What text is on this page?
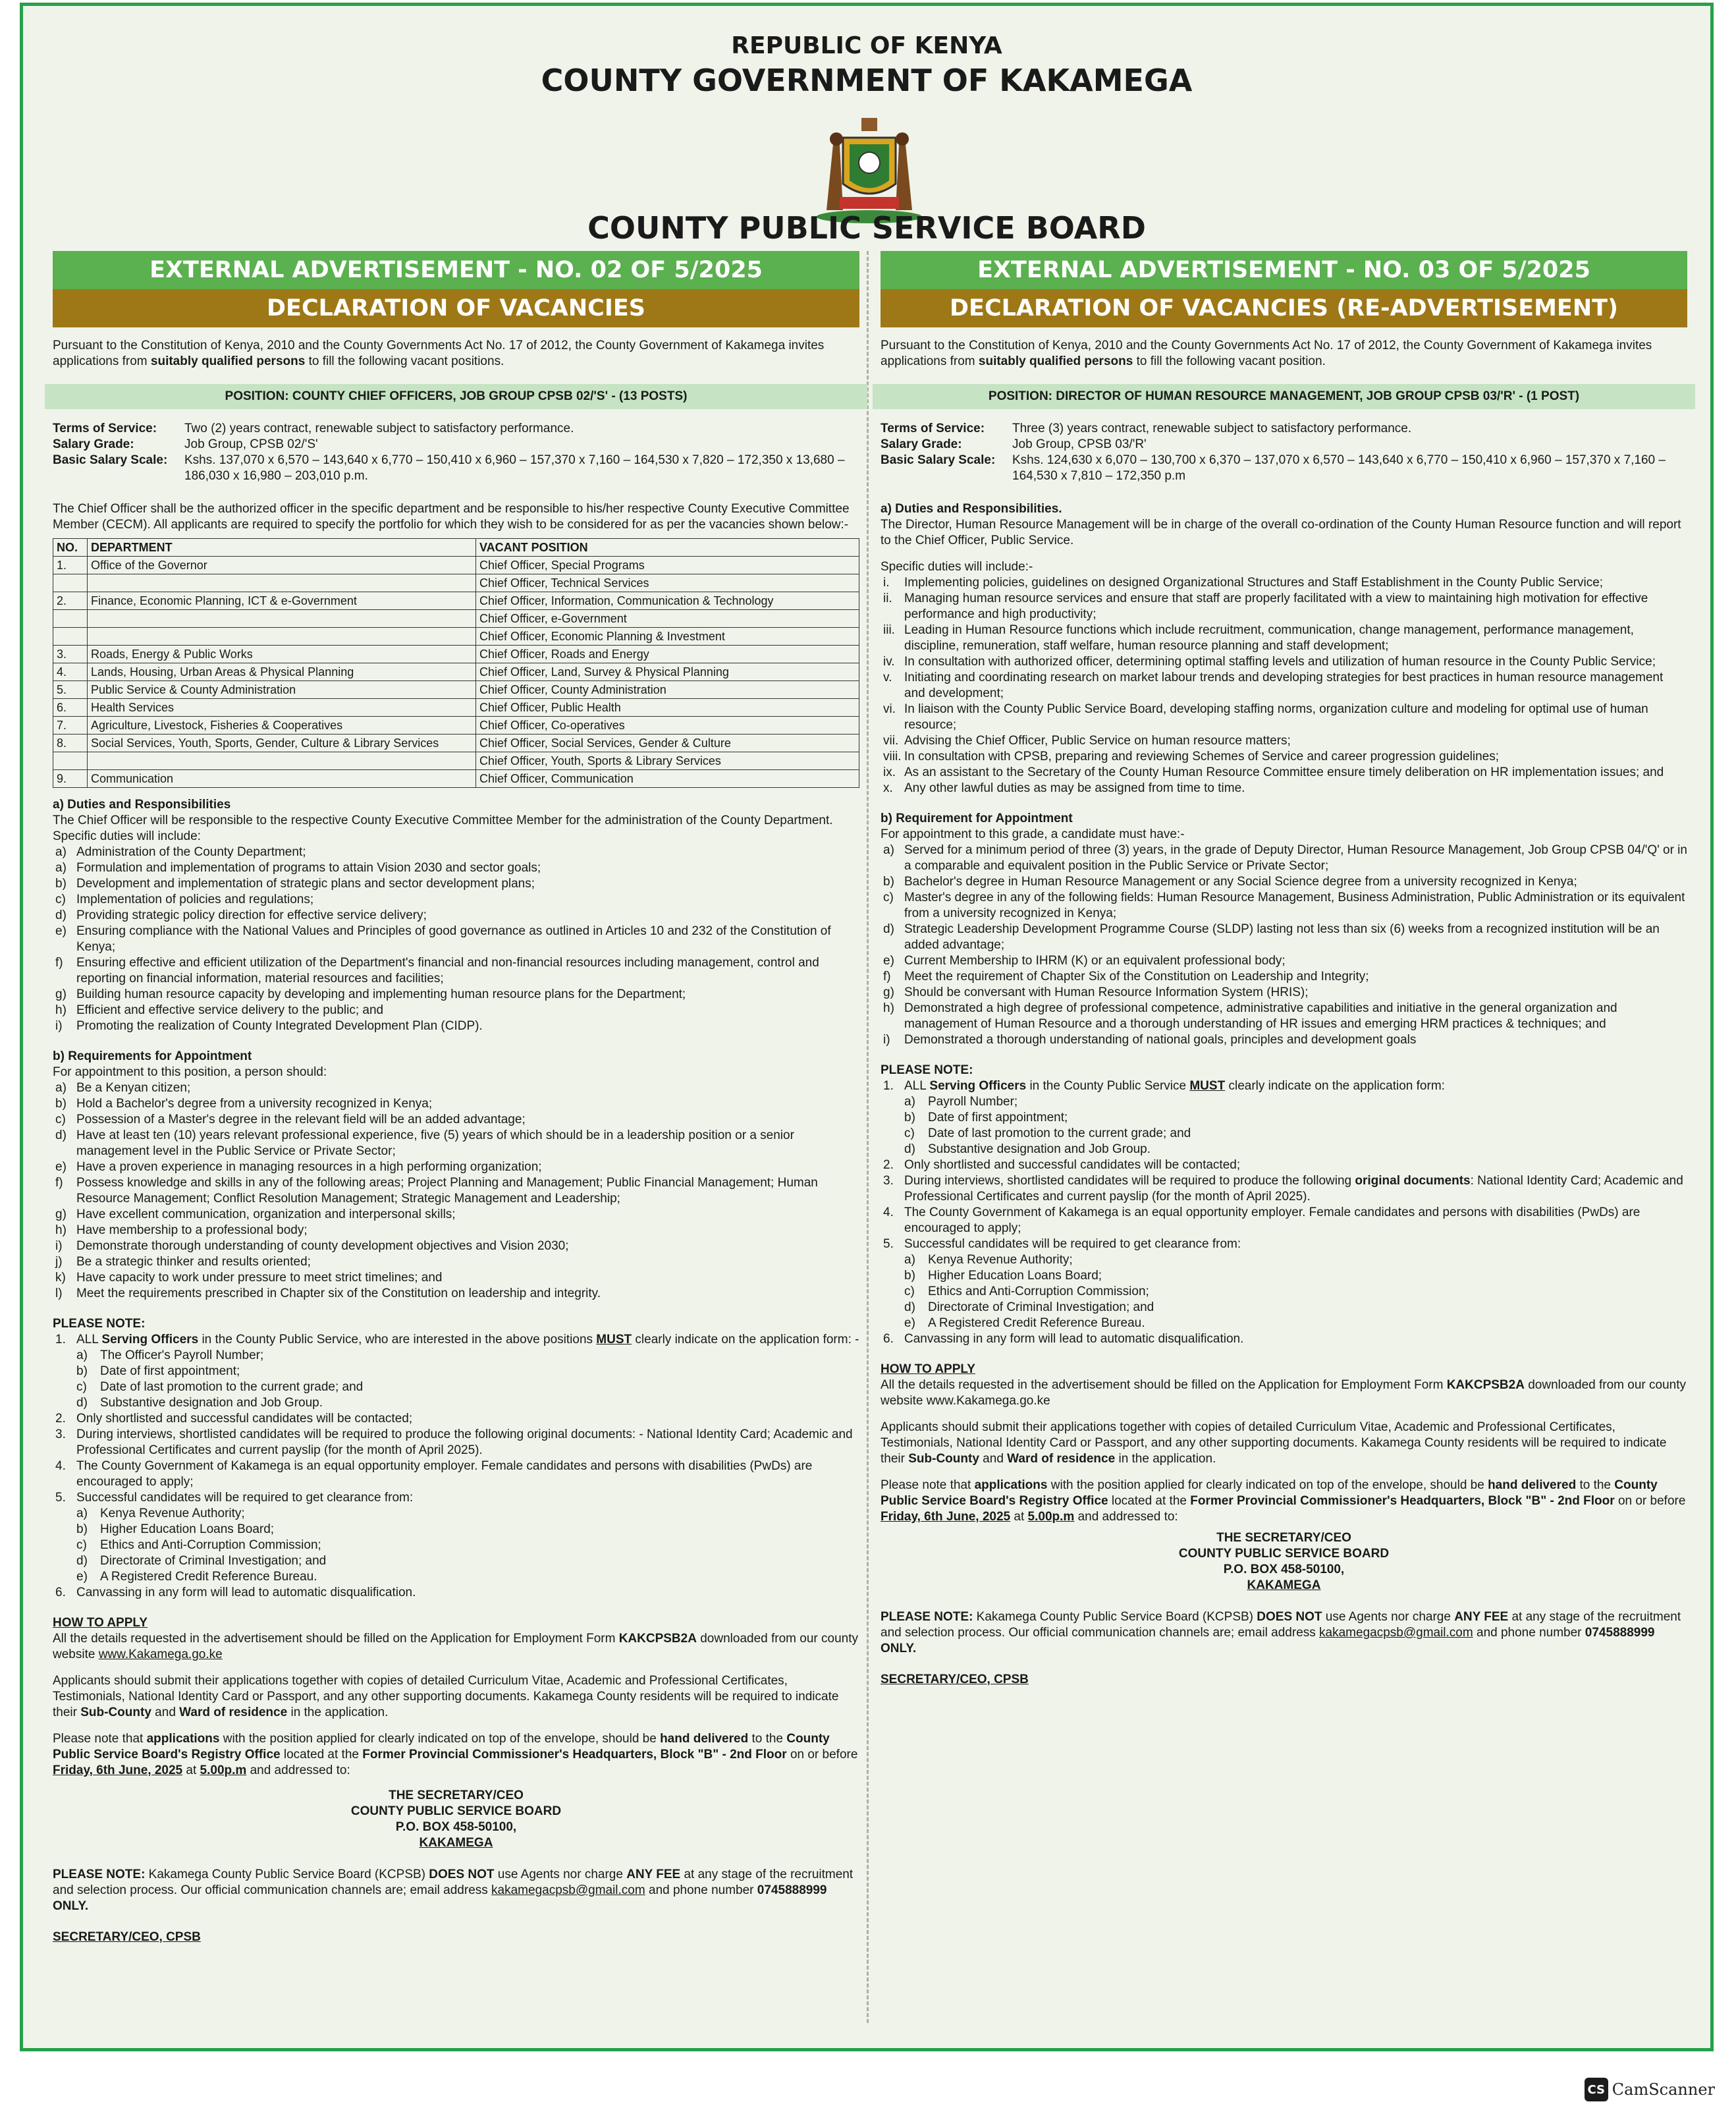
REPUBLIC OF KENYA
COUNTY GOVERNMENT OF KAKAMEGA
COUNTY PUBLIC SERVICE BOARD
EXTERNAL ADVERTISEMENT - NO. 02 OF 5/2025
DECLARATION OF VACANCIES
Pursuant to the Constitution of Kenya, 2010 and the County Governments Act No. 17 of 2012, the County Government of Kakamega invites applications from suitably qualified persons to fill the following vacant positions.
POSITION: COUNTY CHIEF OFFICERS, JOB GROUP CPSB 02/'S' - (13 POSTS)
Terms of Service:	Two (2) years contract, renewable subject to satisfactory performance.
Salary Grade:	Job Group, CPSB 02/'S'
Basic Salary Scale:	Kshs. 137,070 x 6,570 – 143,640 x 6,770 – 150,410 x 6,960 – 157,370 x 7,160 – 164,530 x 7,820 – 172,350 x 13,680 – 186,030 x 16,980 – 203,010 p.m.
The Chief Officer shall be the authorized officer in the specific department and be responsible to his/her respective County Executive Committee Member (CECM). All applicants are required to specify the portfolio for which they wish to be considered for as per the vacancies shown below:-
NO.	DEPARTMENT	VACANT POSITION
1.	Office of the Governor	Chief Officer, Special Programs
		Chief Officer, Technical Services
2.	Finance, Economic Planning, ICT & e-Government	Chief Officer, Information, Communication & Technology
		Chief Officer, e-Government
		Chief Officer, Economic Planning & Investment
3.	Roads, Energy & Public Works	Chief Officer, Roads and Energy
4.	Lands, Housing, Urban Areas & Physical Planning	Chief Officer, Land, Survey & Physical Planning
5.	Public Service & County Administration	Chief Officer, County Administration
6.	Health Services	Chief Officer, Public Health
7.	Agriculture, Livestock, Fisheries & Cooperatives	Chief Officer, Co-operatives
8.	Social Services, Youth, Sports, Gender, Culture & Library Services	Chief Officer, Social Services, Gender & Culture
		Chief Officer, Youth, Sports & Library Services
9.	Communication	Chief Officer, Communication
a) Duties and Responsibilities
The Chief Officer will be responsible to the respective County Executive Committee Member for the administration of the County Department. Specific duties will include:
a) Administration of the County Department;
a) Formulation and implementation of programs to attain Vision 2030 and sector goals;
b) Development and implementation of strategic plans and sector development plans;
c) Implementation of policies and regulations;
d) Providing strategic policy direction for effective service delivery;
e) Ensuring compliance with the National Values and Principles of good governance as outlined in Articles 10 and 232 of the Constitution of Kenya;
f)	Ensuring effective and efficient utilization of the Department's financial and non-financial resources including management, control and reporting on financial information, material resources and facilities;
g) Building human resource capacity by developing and implementing human resource plans for the Department;
h) Efficient and effective service delivery to the public; and
i)	Promoting the realization of County Integrated Development Plan (CIDP).
b) Requirements for Appointment
For appointment to this position, a person should:
a) Be a Kenyan citizen;
b) Hold a Bachelor's degree from a university recognized in Kenya;
c) Possession of a Master's degree in the relevant field will be an added advantage;
d) Have at least ten (10) years relevant professional experience, five (5) years of which should be in a leadership position or a senior management level in the Public Service or Private Sector;
e) Have a proven experience in managing resources in a high performing organization;
f)	Possess knowledge and skills in any of the following areas; Project Planning and Management; Public Financial Management; Human Resource Management; Conflict Resolution Management; Strategic Management and Leadership;
g) Have excellent communication, organization and interpersonal skills;
h) Have membership to a professional body;
i)	Demonstrate thorough understanding of county development objectives and Vision 2030;
j)	Be a strategic thinker and results oriented;
k) Have capacity to work under pressure to meet strict timelines; and
l)	Meet the requirements prescribed in Chapter six of the Constitution on leadership and integrity.
PLEASE NOTE:
1. ALL Serving Officers in the County Public Service, who are interested in the above positions MUST clearly indicate on the application form: -
a)	The Officer's Payroll Number;
b)	Date of first appointment;
c)	Date of last promotion to the current grade; and
d)	Substantive designation and Job Group.
2. Only shortlisted and successful candidates will be contacted;
3. During interviews, shortlisted candidates will be required to produce the following original documents: - National Identity Card; Academic and Professional Certificates and current payslip (for the month of April 2025).
4. The County Government of Kakamega is an equal opportunity employer. Female candidates and persons with disabilities (PwDs) are encouraged to apply;
5. Successful candidates will be required to get clearance from:
a)	Kenya Revenue Authority;
b)	Higher Education Loans Board;
c)	Ethics and Anti-Corruption Commission;
d)	Directorate of Criminal Investigation; and
e)	A Registered Credit Reference Bureau.
6. Canvassing in any form will lead to automatic disqualification.
HOW TO APPLY
All the details requested in the advertisement should be filled on the Application for Employment Form KAKCPSB2A downloaded from our county website www.Kakamega.go.ke
Applicants should submit their applications together with copies of detailed Curriculum Vitae, Academic and Professional Certificates, Testimonials, National Identity Card or Passport, and any other supporting documents. Kakamega County residents will be required to indicate their Sub-County and Ward of residence in the application.
Please note that applications with the position applied for clearly indicated on top of the envelope, should be hand delivered to the County Public Service Board's Registry Office located at the Former Provincial Commissioner's Headquarters, Block "B" - 2nd Floor on or before Friday, 6th June, 2025 at 5.00p.m and addressed to:
THE SECRETARY/CEO
COUNTY PUBLIC SERVICE BOARD
P.O. BOX 458-50100,
KAKAMEGA
PLEASE NOTE: Kakamega County Public Service Board (KCPSB) DOES NOT use Agents nor charge ANY FEE at any stage of the recruitment and selection process. Our official communication channels are; email address kakamegacpsb@gmail.com and phone number 0745888999 ONLY.
SECRETARY/CEO, CPSB
EXTERNAL ADVERTISEMENT - NO. 03 OF 5/2025
DECLARATION OF VACANCIES (RE-ADVERTISEMENT)
Pursuant to the Constitution of Kenya, 2010 and the County Governments Act No. 17 of 2012, the County Government of Kakamega invites applications from suitably qualified persons to fill the following vacant position.
POSITION: DIRECTOR OF HUMAN RESOURCE MANAGEMENT, JOB GROUP CPSB 03/'R' - (1 POST)
Terms of Service:	Three (3) years contract, renewable subject to satisfactory performance.
Salary Grade:	Job Group, CPSB 03/'R'
Basic Salary Scale:	Kshs. 124,630 x 6,070 – 130,700 x 6,370 – 137,070 x 6,570 – 143,640 x 6,770 – 150,410 x 6,960 – 157,370 x 7,160 – 164,530 x 7,810 – 172,350 p.m
a) Duties and Responsibilities.
The Director, Human Resource Management will be in charge of the overall co-ordination of the County Human Resource function and will report to the Chief Officer, Public Service.
Specific duties will include:-
i.	Implementing policies, guidelines on designed Organizational Structures and Staff Establishment in the County Public Service;
ii. Managing human resource services and ensure that staff are properly facilitated with a view to maintaining high motivation for effective performance and high productivity;
iii. Leading in Human Resource functions which include recruitment, communication, change management, performance management, discipline, remuneration, staff welfare, human resource planning and staff development;
iv. In consultation with authorized officer, determining optimal staffing levels and utilization of human resource in the County Public Service;
v. Initiating and coordinating research on market labour trends and developing strategies for best practices in human resource management and development;
vi. In liaison with the County Public Service Board, developing staffing norms, organization culture and modeling for optimal use of human resource;
vii. Advising the Chief Officer, Public Service on human resource matters;
viii. In consultation with CPSB, preparing and reviewing Schemes of Service and career progression guidelines;
ix. As an assistant to the Secretary of the County Human Resource Committee ensure timely deliberation on HR implementation issues; and
x. Any other lawful duties as may be assigned from time to time.
b) Requirement for Appointment
For appointment to this grade, a candidate must have:-
a) Served for a minimum period of three (3) years, in the grade of Deputy Director, Human Resource Management, Job Group CPSB 04/'Q' or in a comparable and equivalent position in the Public Service or Private Sector;
b) Bachelor's degree in Human Resource Management or any Social Science degree from a university recognized in Kenya;
c) Master's degree in any of the following fields: Human Resource Management, Business Administration, Public Administration or its equivalent from a university recognized in Kenya;
d) Strategic Leadership Development Programme Course (SLDP) lasting not less than six (6) weeks from a recognized institution will be an added advantage;
e) Current Membership to IHRM (K) or an equivalent professional body;
f)	Meet the requirement of Chapter Six of the Constitution on Leadership and Integrity;
g) Should be conversant with Human Resource Information System (HRIS);
h) Demonstrated a high degree of professional competence, administrative capabilities and initiative in the general organization and management of Human Resource and a thorough understanding of HR issues and emerging HRM practices & techniques; and
i)	Demonstrated a thorough understanding of national goals, principles and development goals
PLEASE NOTE:
1. ALL Serving Officers in the County Public Service MUST clearly indicate on the application form:
a)	Payroll Number;
b)	Date of first appointment;
c)	Date of last promotion to the current grade; and
d)	Substantive designation and Job Group.
2. Only shortlisted and successful candidates will be contacted;
3. During interviews, shortlisted candidates will be required to produce the following original documents: National Identity Card; Academic and Professional Certificates and current payslip (for the month of April 2025).
4. The County Government of Kakamega is an equal opportunity employer. Female candidates and persons with disabilities (PwDs) are encouraged to apply;
5. Successful candidates will be required to get clearance from:
a)	Kenya Revenue Authority;
b)	Higher Education Loans Board;
c)	Ethics and Anti-Corruption Commission;
d)	Directorate of Criminal Investigation; and
e)	A Registered Credit Reference Bureau.
6. Canvassing in any form will lead to automatic disqualification.
HOW TO APPLY
All the details requested in the advertisement should be filled on the Application for Employment Form KAKCPSB2A downloaded from our county website www.Kakamega.go.ke
Applicants should submit their applications together with copies of detailed Curriculum Vitae, Academic and Professional Certificates, Testimonials, National Identity Card or Passport, and any other supporting documents. Kakamega County residents will be required to indicate their Sub-County and Ward of residence in the application.
Please note that applications with the position applied for clearly indicated on top of the envelope, should be hand delivered to the County Public Service Board's Registry Office located at the Former Provincial Commissioner's Headquarters, Block "B" - 2nd Floor on or before Friday, 6th June, 2025 at 5.00p.m and addressed to:
THE SECRETARY/CEO
COUNTY PUBLIC SERVICE BOARD
P.O. BOX 458-50100,
KAKAMEGA
PLEASE NOTE: Kakamega County Public Service Board (KCPSB) DOES NOT use Agents nor charge ANY FEE at any stage of the recruitment and selection process. Our official communication channels are; email address kakamegacpsb@gmail.com and phone number 0745888999 ONLY.
SECRETARY/CEO, CPSB
CS CamScanner
